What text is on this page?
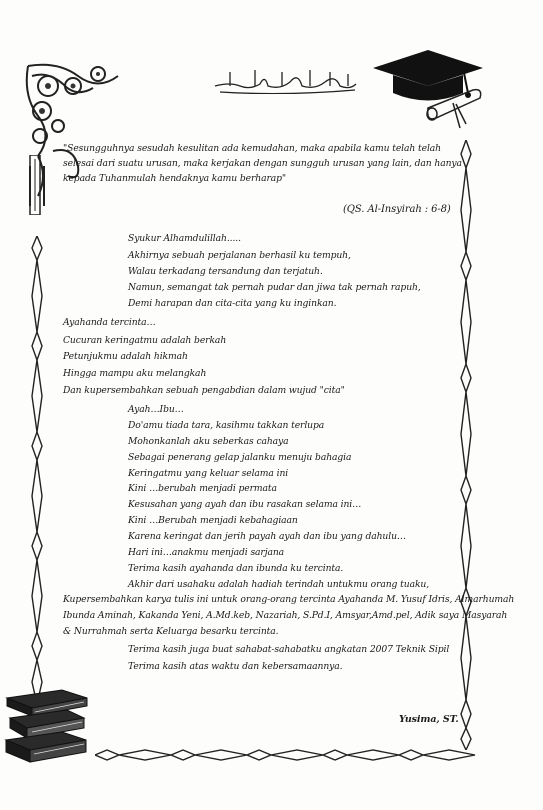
"Sesungguhnya sesudah kesulitan ada kemudahan, maka apabila kamu telah telah selesai dari suatu urusan, maka kerjakan dengan sungguh urusan yang lain, dan hanya kepada Tuhanmulah hendaknya kamu berharap"
(QS. Al-Insyirah : 6-8)
Syukur Alhamdulillah.....
Akhirnya sebuah perjalanan berhasil ku tempuh,
Walau terkadang tersandung dan terjatuh.
Namun, semangat tak pernah pudar dan jiwa tak pernah rapuh,
Demi harapan dan cita-cita yang ku inginkan.
Ayahanda tercinta…
Cucuran keringatmu adalah berkah
Petunjukmu adalah hikmah
Hingga mampu aku melangkah
Dan kupersembahkan sebuah pengabdian dalam wujud "cita"
Ayah…Ibu…
Do'amu tiada tara, kasihmu takkan terlupa
Mohonkanlah aku seberkas cahaya
Sebagai penerang gelap jalanku menuju bahagia
Keringatmu yang keluar selama ini
Kini …berubah menjadi permata
Kesusahan yang ayah dan ibu rasakan selama ini…
Kini …Berubah menjadi kebahagiaan
Karena keringat dan jerih payah ayah dan ibu yang dahulu…
Hari ini…anakmu menjadi sarjana
Terima kasih ayahanda dan ibunda ku tercinta.
Akhir dari usahaku adalah hadiah terindah untukmu orang tuaku,
Kupersembahkan karya tulis ini untuk orang-orang tercinta Ayahanda M. Yusuf Idris, Almarhumah
Ibunda Aminah, Kakanda Yeni, A.Md.keb, Nazariah, S.Pd.I, Amsyar,Amd.pel, Adik saya Masyarah
& Nurrahmah serta Keluarga besarku tercinta.
Terima kasih juga buat sahabat-sahabatku angkatan 2007 Teknik Sipil
Terima kasih atas waktu dan kebersamaannya.
Yusima, ST.
